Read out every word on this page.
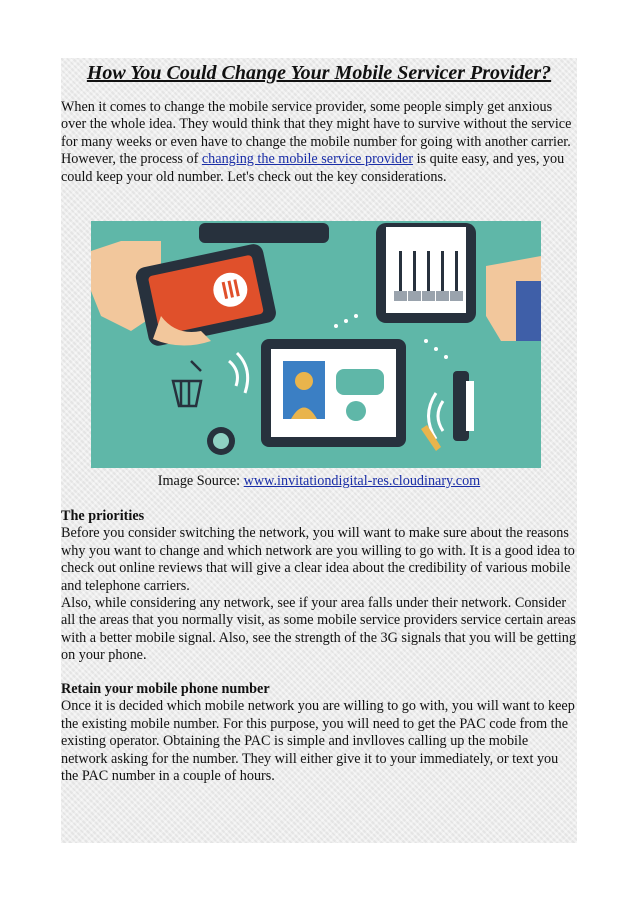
How You Could Change Your Mobile Servicer Provider?

When it comes to change the mobile service provider, some people simply get anxious over the whole idea. They would think that they might have to survive without the service for many weeks or even have to change the mobile number for going with another carrier. However, the process of changing the mobile service provider is quite easy, and yes, you could keep your old number. Let's check out the key considerations.

Image Source: www.invitationdigital-res.cloudinary.com

The priorities
Before you consider switching the network, you will want to make sure about the reasons why you want to change and which network are you willing to go with. It is a good idea to check out online reviews that will give a clear idea about the credibility of various mobile and telephone carriers.
Also, while considering any network, see if your area falls under their network. Consider all the areas that you normally visit, as some mobile service providers service certain areas with a better mobile signal. Also, see the strength of the 3G signals that you will be getting on your phone.

Retain your mobile phone number
Once it is decided which mobile network you are willing to go with, you will want to keep the existing mobile number. For this purpose, you will need to get the PAC code from the existing operator. Obtaining the PAC is simple and invlloves calling up the mobile network asking for the number. They will either give it to your immediately, or text you the PAC number in a couple of hours.
